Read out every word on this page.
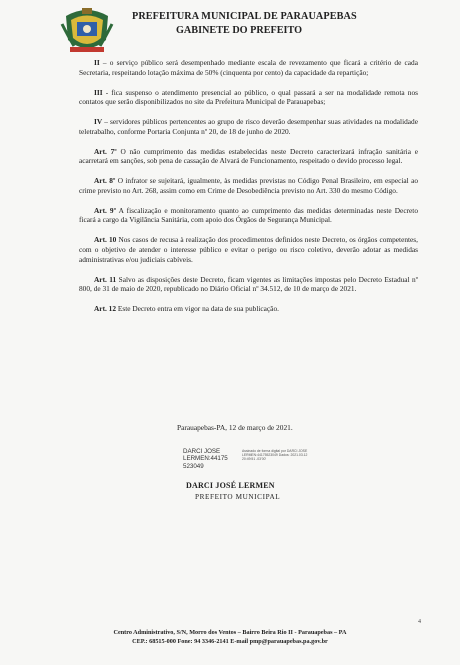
PREFEITURA MUNICIPAL DE PARAUAPEBAS
GABINETE DO PREFEITO

II – o serviço público será desempenhado mediante escala de revezamento que ficará a critério de cada Secretaria, respeitando lotação máxima de 50% (cinquenta por cento) da capacidade da repartição;

III - fica suspenso o atendimento presencial ao público, o qual passará a ser na modalidade remota nos contatos que serão disponibilizados no site da Prefeitura Municipal de Parauapebas;

IV – servidores públicos pertencentes ao grupo de risco deverão desempenhar suas atividades na modalidade teletrabalho, conforme Portaria Conjunta nº 20, de 18 de junho de 2020.

Art. 7º O não cumprimento das medidas estabelecidas neste Decreto caracterizará infração sanitária e acarretará em sanções, sob pena de cassação de Alvará de Funcionamento, respeitado o devido processo legal.

Art. 8º O infrator se sujeitará, igualmente, às medidas previstas no Código Penal Brasileiro, em especial ao crime previsto no Art. 268, assim como em Crime de Desobediência previsto no Art. 330 do mesmo Código.

Art. 9º A fiscalização e monitoramento quanto ao cumprimento das medidas determinadas neste Decreto ficará a cargo da Vigilância Sanitária, com apoio dos Órgãos de Segurança Municipal.

Art. 10 Nos casos de recusa à realização dos procedimentos definidos neste Decreto, os órgãos competentes, com o objetivo de atender o interesse público e evitar o perigo ou risco coletivo, deverão adotar as medidas administrativas e/ou judiciais cabíveis.

Art. 11 Salvo as disposições deste Decreto, ficam vigentes as limitações impostas pelo Decreto Estadual nº 800, de 31 de maio de 2020, republicado no Diário Oficial nº 34.512, de 10 de março de 2021.

Art. 12 Este Decreto entra em vigor na data de sua publicação.

Parauapebas-PA, 12 de março de 2021.
DARCI JOSE
LERMEN:44175
523049
Assinado de forma digital por DARCI JOSE LERMEN:44175523049 Dados: 2021.03.12 20:49:51 -03'00'
DARCI JOSÉ LERMEN
PREFEITO MUNICIPAL
4
Centro Administrativo, S/N, Morro dos Ventos – Bairro Beira Rio II - Parauapebas – PA
CEP.: 68515-000 Fone: 94 3346-2141 E-mail pmp@parauapebas.pa.gov.br
